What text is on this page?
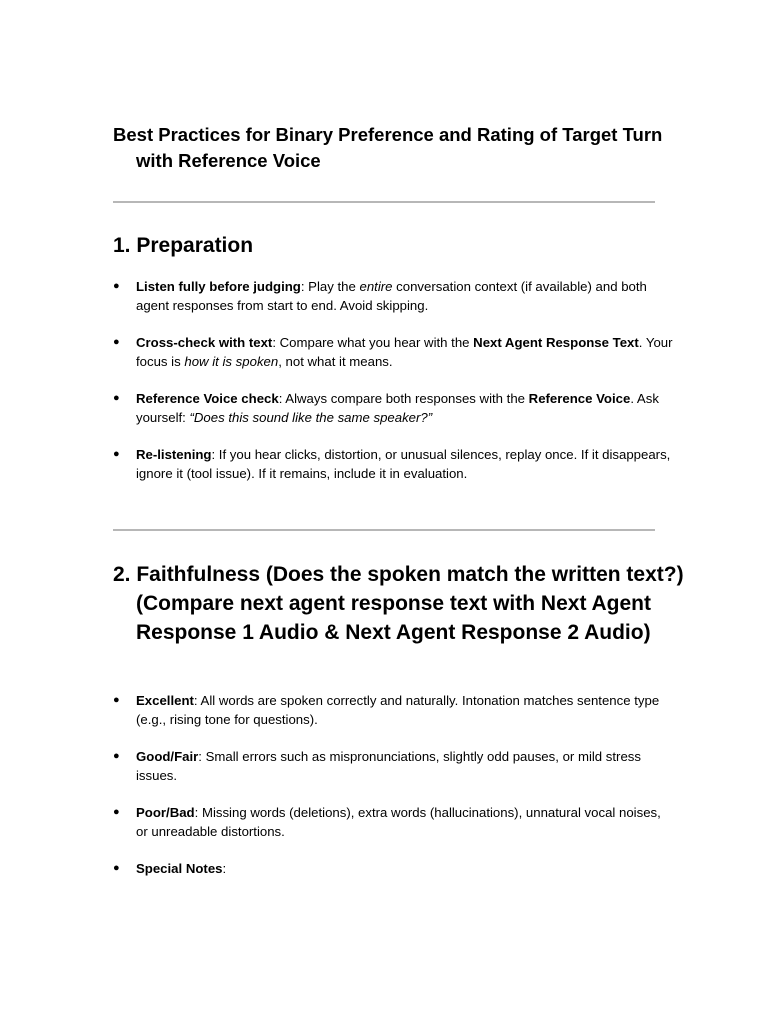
Best Practices for Binary Preference and Rating of Target Turn
with Reference Voice
1. Preparation
● Listen fully before judging: Play the entire conversation context (if available) and both agent responses from start to end. Avoid skipping.
● Cross-check with text: Compare what you hear with the Next Agent Response Text. Your focus is how it is spoken, not what it means.
● Reference Voice check: Always compare both responses with the Reference Voice. Ask yourself: “Does this sound like the same speaker?”
● Re-listening: If you hear clicks, distortion, or unusual silences, replay once. If it disappears, ignore it (tool issue). If it remains, include it in evaluation.
2. Faithfulness (Does the spoken match the written text?) (Compare next agent response text with Next Agent Response 1 Audio & Next Agent Response 2 Audio)
● Excellent: All words are spoken correctly and naturally. Intonation matches sentence type (e.g., rising tone for questions).
● Good/Fair: Small errors such as mispronunciations, slightly odd pauses, or mild stress issues.
● Poor/Bad: Missing words (deletions), extra words (hallucinations), unnatural vocal noises, or unreadable distortions.
● Special Notes:
